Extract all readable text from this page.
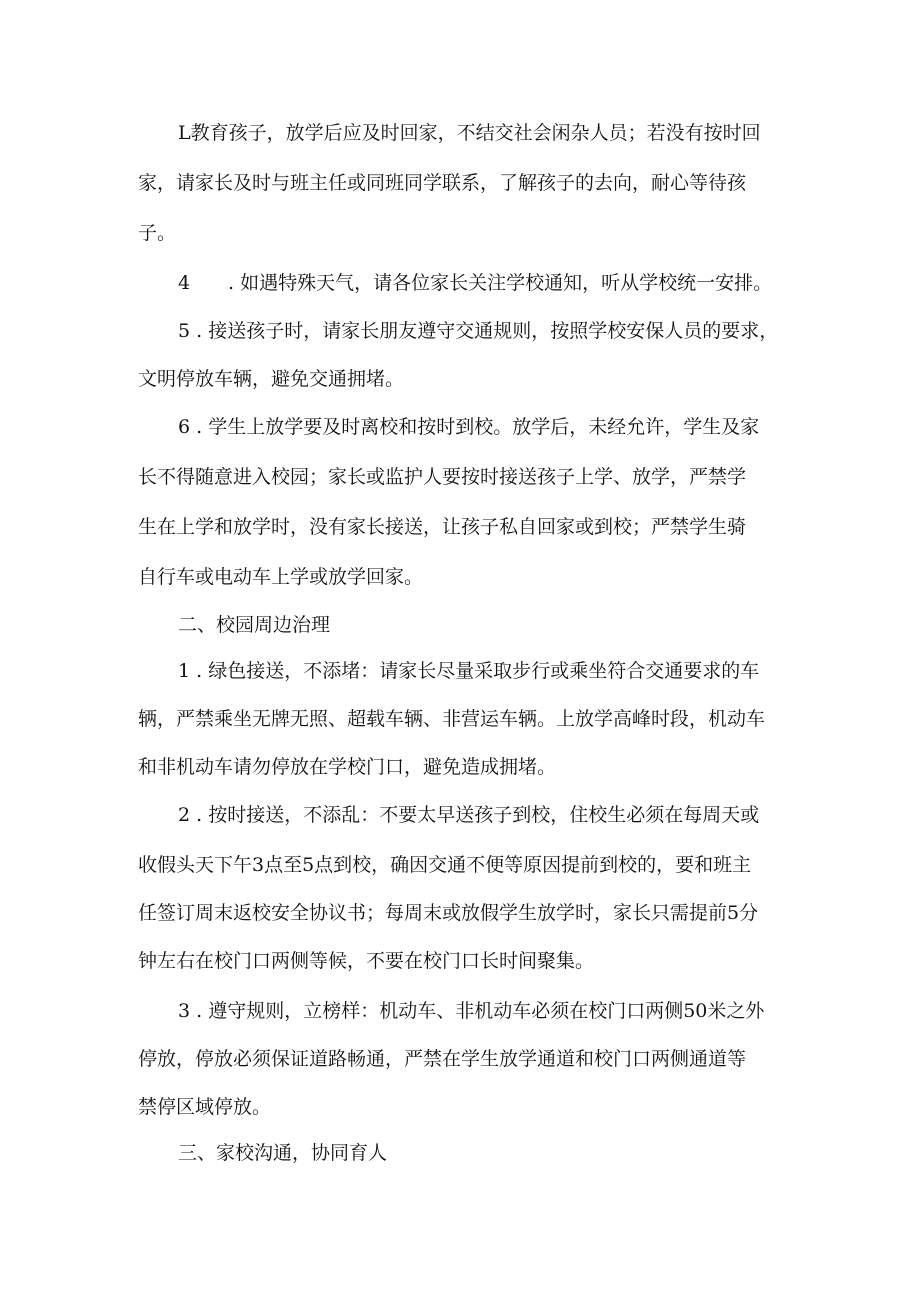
L教育孩子，放学后应及时回家，不结交社会闲杂人员；若没有按时回
家，请家长及时与班主任或同班同学联系，了解孩子的去向，耐心等待孩
子。
4 . 如遇特殊天气，请各位家长关注学校通知，听从学校统一安排。
5 . 接送孩子时，请家长朋友遵守交通规则，按照学校安保人员的要求，
文明停放车辆，避免交通拥堵。
6 . 学生上放学要及时离校和按时到校。放学后，未经允许，学生及家
长不得随意进入校园；家长或监护人要按时接送孩子上学、放学，严禁学
生在上学和放学时，没有家长接送，让孩子私自回家或到校；严禁学生骑
自行车或电动车上学或放学回家。
二、校园周边治理
1 . 绿色接送，不添堵：请家长尽量采取步行或乘坐符合交通要求的车
辆，严禁乘坐无牌无照、超载车辆、非营运车辆。上放学高峰时段，机动车
和非机动车请勿停放在学校门口，避免造成拥堵。
2 . 按时接送，不添乱：不要太早送孩子到校，住校生必须在每周天或
收假头天下午3点至5点到校，确因交通不便等原因提前到校的，要和班主
任签订周末返校安全协议书；每周末或放假学生放学时，家长只需提前5分
钟左右在校门口两侧等候，不要在校门口长时间聚集。
3 . 遵守规则，立榜样：机动车、非机动车必须在校门口两侧50米之外
停放，停放必须保证道路畅通，严禁在学生放学通道和校门口两侧通道等
禁停区域停放。
三、家校沟通，协同育人
